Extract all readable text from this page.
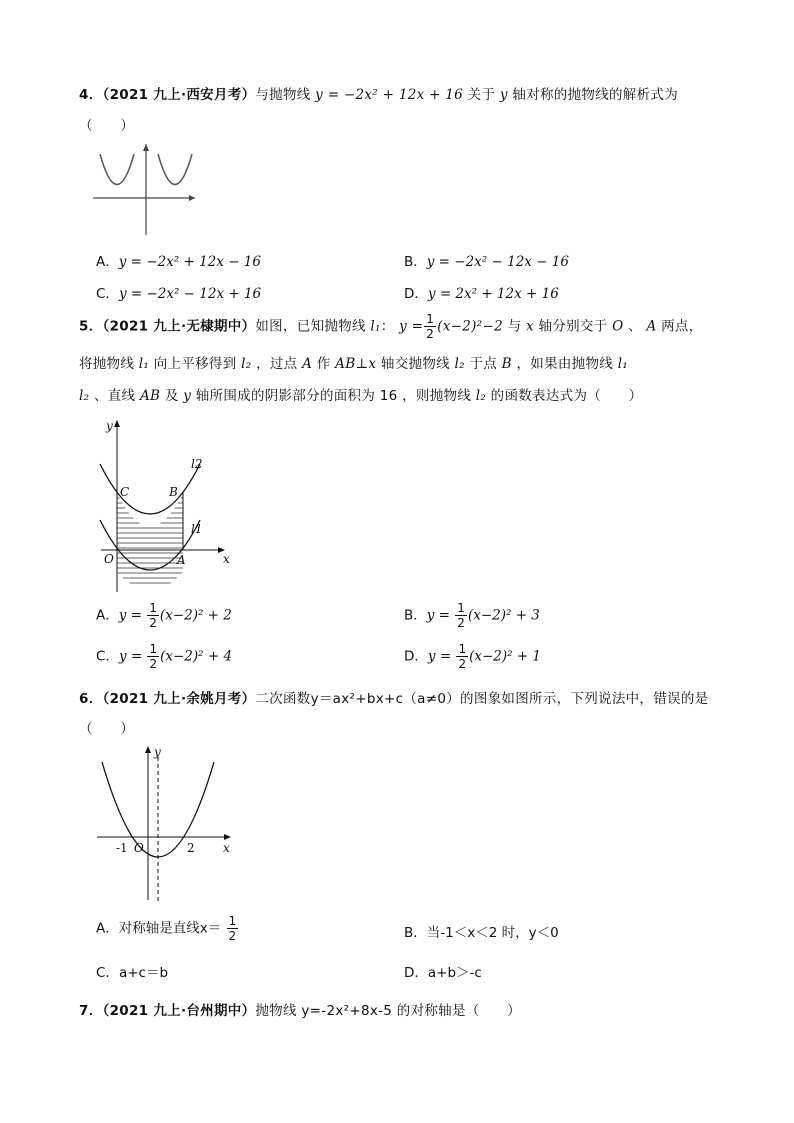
4．（2021 九上·西安月考）与抛物线 y = −2x² + 12x + 16 关于 y 轴对称的抛物线的解析式为
（　　）
A．y = −2x² + 12x − 16	B．y = −2x² − 12x − 16
C．y = −2x² − 12x + 16	D．y = 2x² + 12x + 16
5．（2021 九上·无棣期中）如图，已知抛物线 l₁： $y = \frac{1}{2} (x-2)^2-2$ 与 x 轴分别交于 O 、 A 两点，
将抛物线 l₁ 向上平移得到 l₂ ，过点 A 作 AB⊥x 轴交抛物线 l₂ 于点 B ，如果由抛物线 l₁
l₂ 、直线 AB 及 y 轴所围成的阴影部分的面积为 16 ，则抛物线 l₂ 的函数表达式为（　　）
y
x
O	A
B
C
l2
l1
A．$y = \frac{1}{2} (x-2)^2 + 2$	B．$y = \frac{1}{2} (x-2)^2 + 3$
C．$y = \frac{1}{2} (x-2)^2 + 4$	D．$y = \frac{1}{2} (x-2)^2 + 1$
6．（2021 九上·余姚月考）二次函数y＝ax²+bx+c（a≠0）的图象如图所示，下列说法中，错误的是
（　　）
y
x
O
-1	2
A．对称轴是直线$x= \frac{1}{2}$	B．当-1＜x＜2 时，y＜0
C．a+c＝b	D．a+b＞-c
7．（2021 九上·台州期中）抛物线 y=-2x²+8x-5 的对称轴是（　　）
